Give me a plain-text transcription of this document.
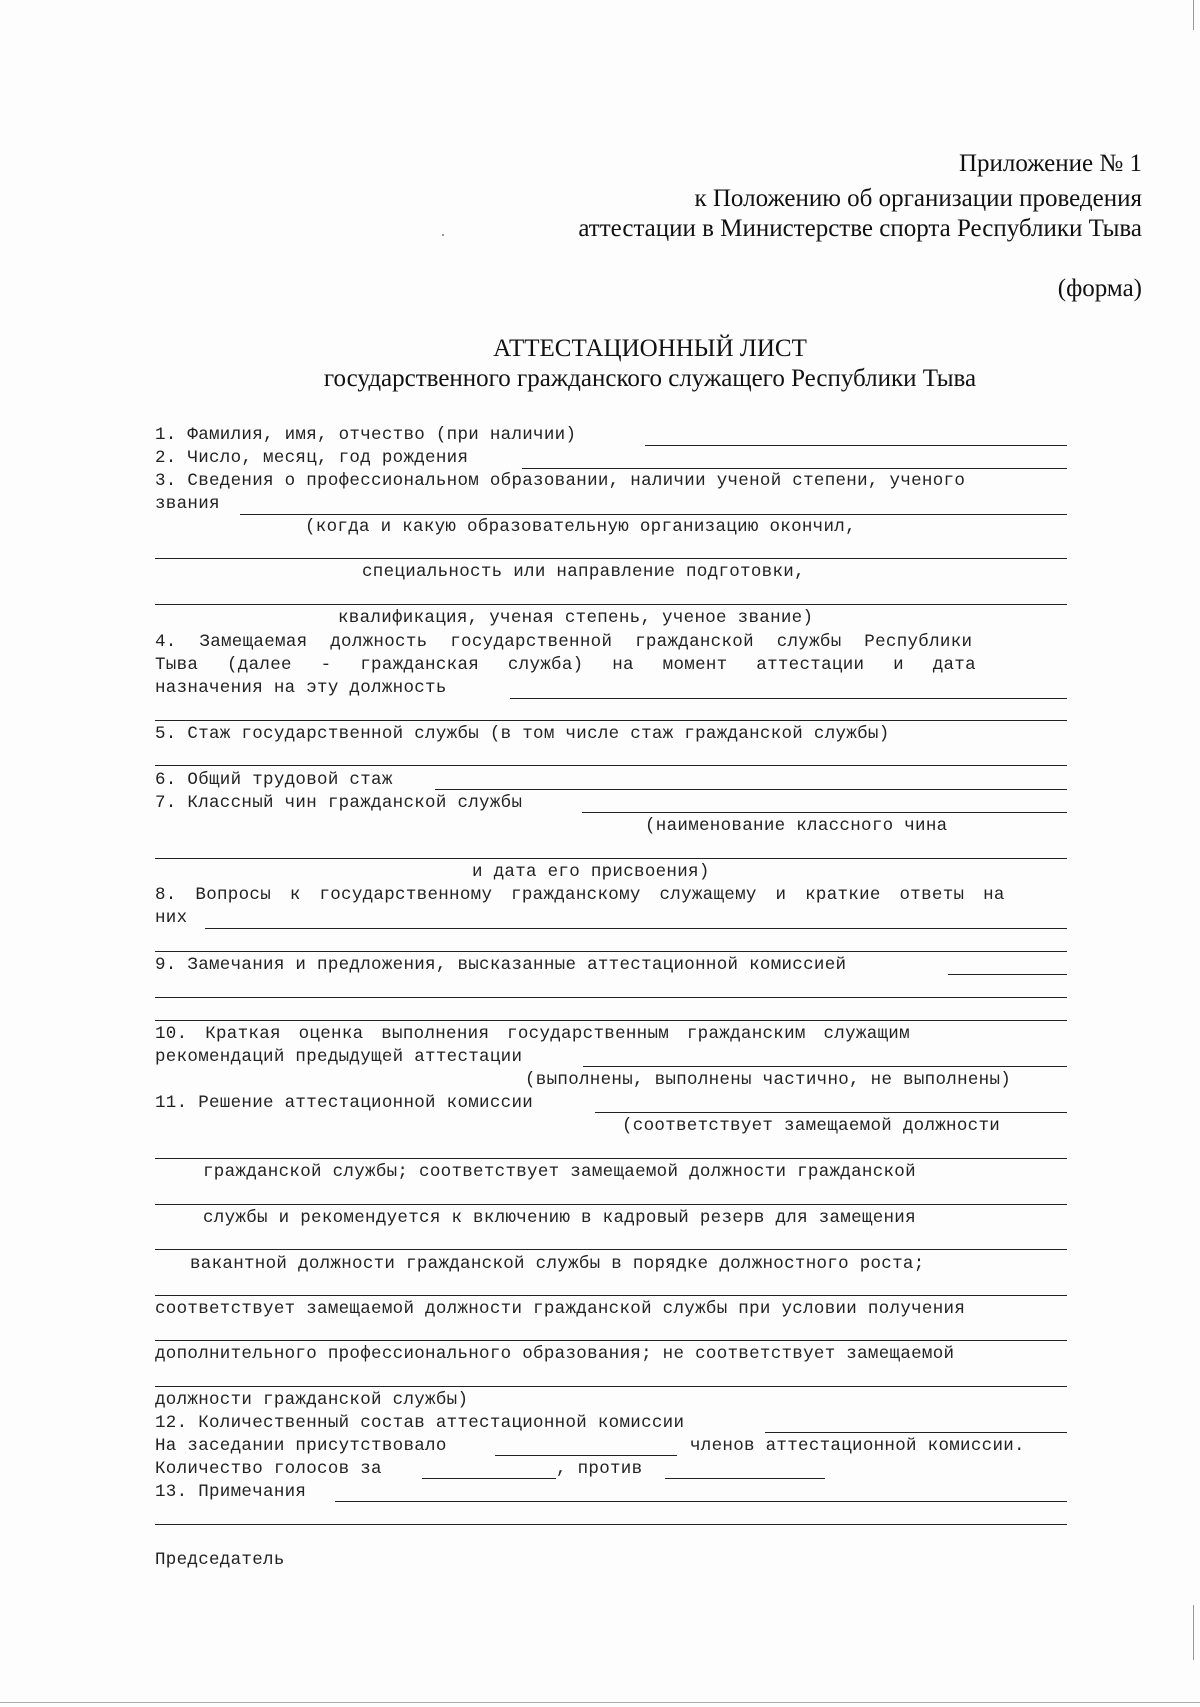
Приложение № 1
к Положению об организации проведения
аттестации в Министерстве спорта Республики Тыва
(форма)
АТТЕСТАЦИОННЫЙ ЛИСТ
государственного гражданского служащего Республики Тыва
1. Фамилия, имя, отчество (при наличии)
2. Число, месяц, год рождения
3. Сведения о профессиональном образовании, наличии ученой степени, ученого
звания
(когда и какую образовательную организацию окончил,
специальность или направление подготовки,
квалификация, ученая степень, ученое звание)
4. Замещаемая должность государственной гражданской службы Республики
Тыва (далее - гражданская служба) на момент аттестации и дата
назначения на эту должность
5. Стаж государственной службы (в том числе стаж гражданской службы)
6. Общий трудовой стаж
7. Классный чин гражданской службы
(наименование классного чина
и дата его присвоения)
8. Вопросы к государственному гражданскому служащему и краткие ответы на
них
9. Замечания и предложения, высказанные аттестационной комиссией
10. Краткая оценка выполнения государственным гражданским служащим
рекомендаций предыдущей аттестации
(выполнены, выполнены частично, не выполнены)
11. Решение аттестационной комиссии
(соответствует замещаемой должности
гражданской службы; соответствует замещаемой должности гражданской
службы и рекомендуется к включению в кадровый резерв для замещения
вакантной должности гражданской службы в порядке должностного роста;
соответствует замещаемой должности гражданской службы при условии получения
дополнительного профессионального образования; не соответствует замещаемой
должности гражданской службы)
12. Количественный состав аттестационной комиссии
На заседании присутствовало	членов аттестационной комиссии.
Количество голосов за	, против
13. Примечания
Председатель
